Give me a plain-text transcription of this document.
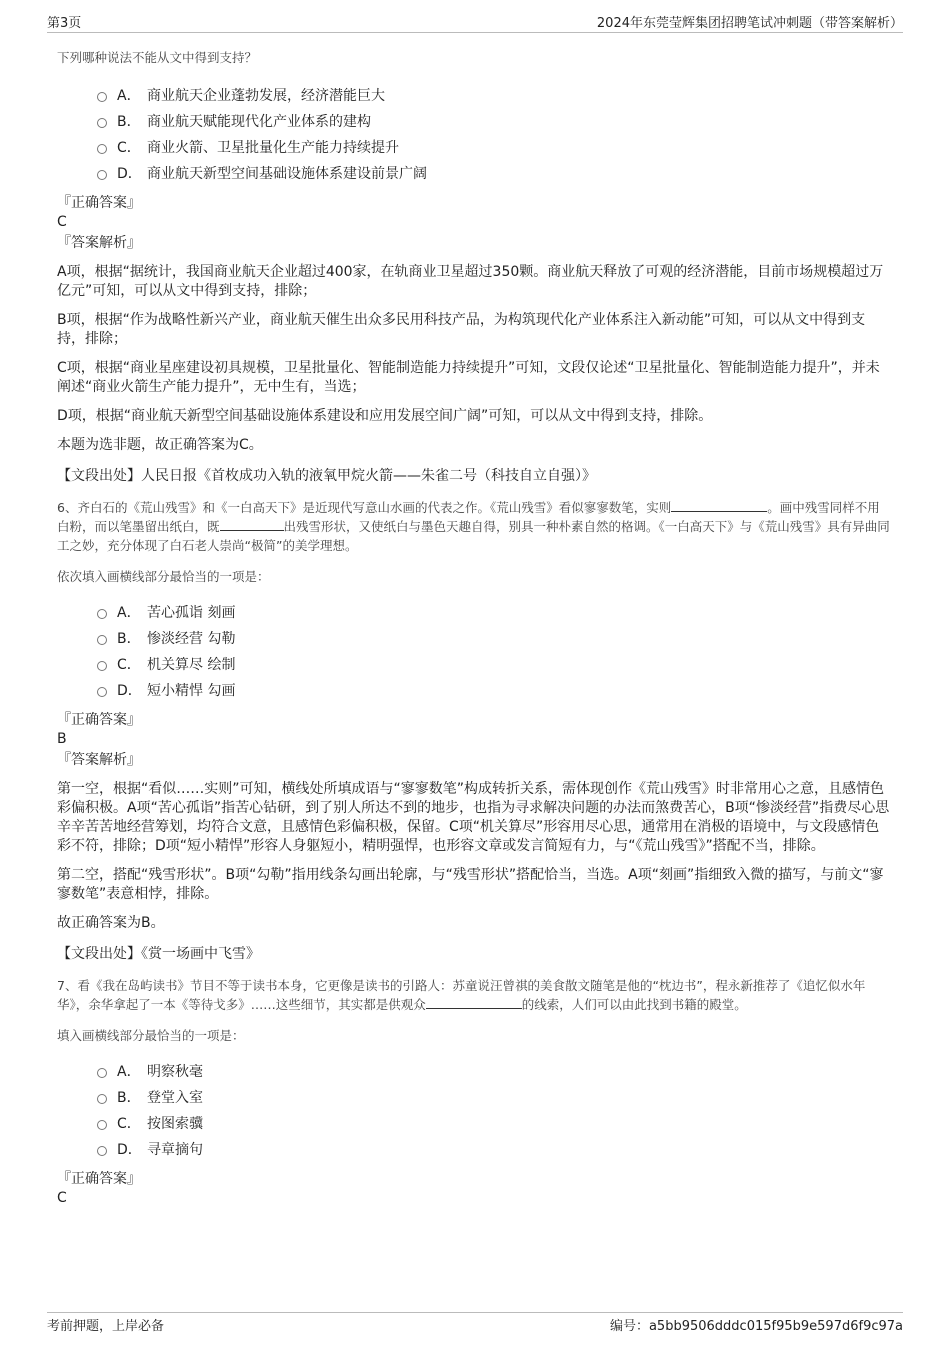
第3页	2024年东莞莹辉集团招聘笔试冲刺题（带答案解析）

下列哪种说法不能从文中得到支持？

A． 商业航天企业蓬勃发展，经济潜能巨大
B． 商业航天赋能现代化产业体系的建构
C． 商业火箭、卫星批量化生产能力持续提升
D． 商业航天新型空间基础设施体系建设前景广阔

『正确答案』

C

『答案解析』

A项，根据“据统计，我国商业航天企业超过400家，在轨商业卫星超过350颗。商业航天释放了可观的经济潜能，目前市场规模超过万亿元”可知，可以从文中得到支持，排除；

B项，根据“作为战略性新兴产业，商业航天催生出众多民用科技产品，为构筑现代化产业体系注入新动能”可知，可以从文中得到支持，排除；

C项，根据“商业星座建设初具规模，卫星批量化、智能制造能力持续提升”可知，文段仅论述“卫星批量化、智能制造能力提升”，并未阐述“商业火箭生产能力提升”，无中生有，当选；

D项，根据“商业航天新型空间基础设施体系建设和应用发展空间广阔”可知，可以从文中得到支持，排除。

本题为选非题，故正确答案为C。

【文段出处】人民日报《首枚成功入轨的液氧甲烷火箭——朱雀二号（科技自立自强）》

6、齐白石的《荒山残雪》和《一白高天下》是近现代写意山水画的代表之作。《荒山残雪》看似寥寥数笔，实则	。画中残雪同样不用白粉，而以笔墨留出纸白，既	出残雪形状，又使纸白与墨色天趣自得，别具一种朴素自然的格调。《一白高天下》与《荒山残雪》具有异曲同工之妙，充分体现了白石老人崇尚“极简”的美学理想。

依次填入画横线部分最恰当的一项是：

A． 苦心孤诣 刻画
B． 惨淡经营 勾勒
C． 机关算尽 绘制
D． 短小精悍 勾画

『正确答案』

B

『答案解析』

第一空，根据“看似……实则”可知，横线处所填成语与“寥寥数笔”构成转折关系，需体现创作《荒山残雪》时非常用心之意，且感情色彩偏积极。A项“苦心孤诣”指苦心钻研，到了别人所达不到的地步，也指为寻求解决问题的办法而煞费苦心，B项“惨淡经营”指费尽心思辛辛苦苦地经营筹划，均符合文意，且感情色彩偏积极，保留。C项“机关算尽”形容用尽心思，通常用在消极的语境中，与文段感情色彩不符，排除；D项“短小精悍”形容人身躯短小，精明强悍，也形容文章或发言简短有力，与“《荒山残雪》”搭配不当，排除。

第二空，搭配“残雪形状”。B项“勾勒”指用线条勾画出轮廓，与“残雪形状”搭配恰当，当选。A项“刻画”指细致入微的描写，与前文“寥寥数笔”表意相悖，排除。

故正确答案为B。

【文段出处】《赏一场画中飞雪》

7、看《我在岛屿读书》节目不等于读书本身，它更像是读书的引路人：苏童说汪曾祺的美食散文随笔是他的“枕边书”，程永新推荐了《追忆似水年华》，余华拿起了一本《等待戈多》……这些细节，其实都是供观众	的线索，人们可以由此找到书籍的殿堂。

填入画横线部分最恰当的一项是：

A． 明察秋毫
B． 登堂入室
C． 按图索骥
D． 寻章摘句

『正确答案』

C

考前押题，上岸必备	编号：a5bb9506dddc015f95b9e597d6f9c97a
